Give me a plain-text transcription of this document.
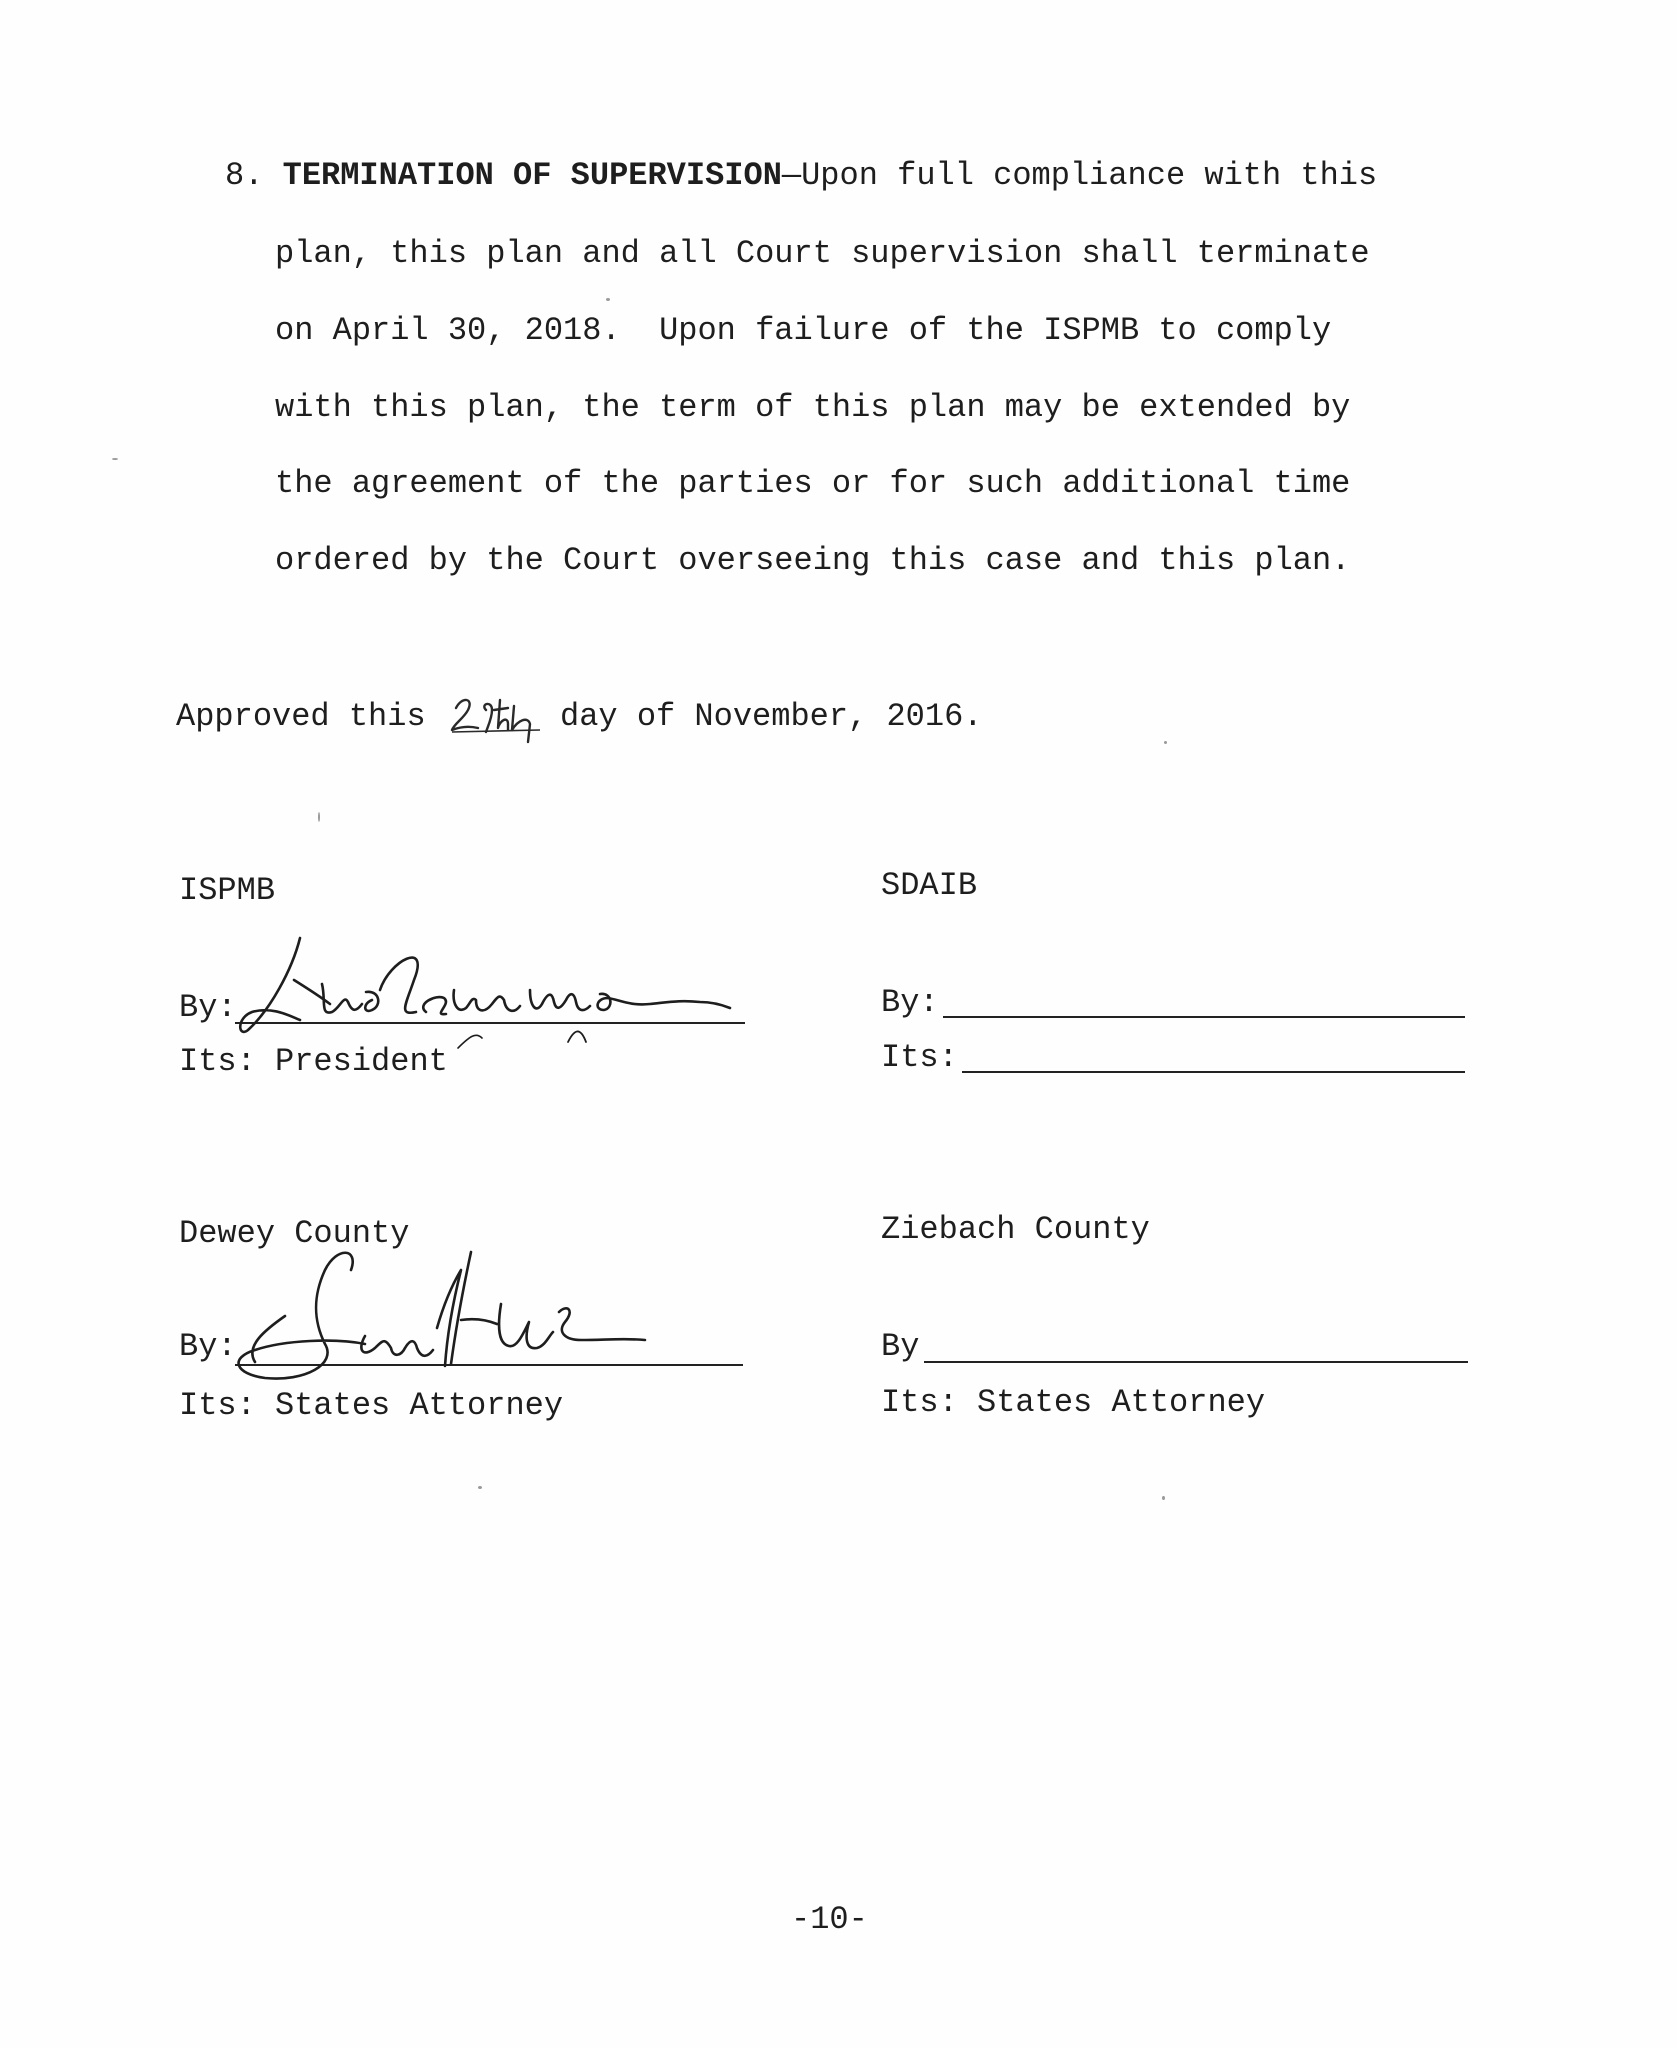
8. TERMINATION OF SUPERVISION—Upon full compliance with this
plan, this plan and all Court supervision shall terminate
on April 30, 2018.  Upon failure of the ISPMB to comply
with this plan, the term of this plan may be extended by
the agreement of the parties or for such additional time
ordered by the Court overseeing this case and this plan.
Approved this	day of November, 2016.
ISPMB
By:
Its: President
SDAIB
By:
Its:
Dewey County
By:
Its: States Attorney
Ziebach County
By
Its: States Attorney
-10-
